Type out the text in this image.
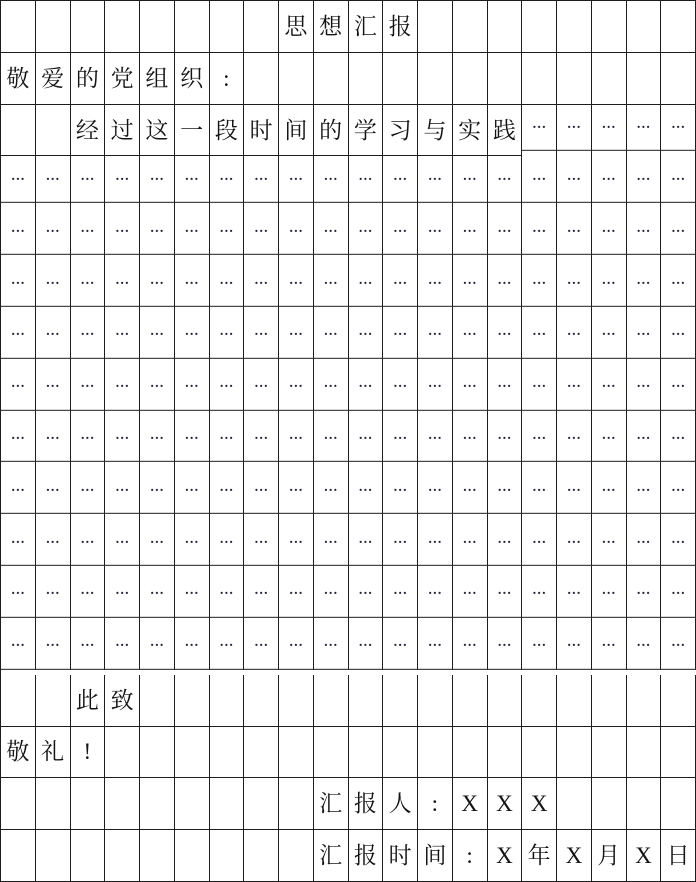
思 想 汇 报
敬 爱 的 党 组 织 :
经 过 这 一 段 时 间 的 学 习 与 实 践	…	…	…	…	…
…	…	…	…	…	…	…	…	…	…	…	…	…	…	…	…	…	…	…	…
…	…	…	…	…	…	…	…	…	…	…	…	…	…	…	…	…	…	…	…
…	…	…	…	…	…	…	…	…	…	…	…	…	…	…	…	…	…	…	…
…	…	…	…	…	…	…	…	…	…	…	…	…	…	…	…	…	…	…	…
…	…	…	…	…	…	…	…	…	…	…	…	…	…	…	…	…	…	…	…
…	…	…	…	…	…	…	…	…	…	…	…	…	…	…	…	…	…	…	…
…	…	…	…	…	…	…	…	…	…	…	…	…	…	…	…	…	…	…	…
…	…	…	…	…	…	…	…	…	…	…	…	…	…	…	…	…	…	…	…
…	…	…	…	…	…	…	…	…	…	…	…	…	…	…	…	…	…	…	…
…	…	…	…	…	…	…	…	…	…	…	…	…	…	…	…	…	…	…	…
此 致
敬 礼 !
汇 报 人 :	X X X
汇 报 时 间 :	X 年 X 月 X 日
